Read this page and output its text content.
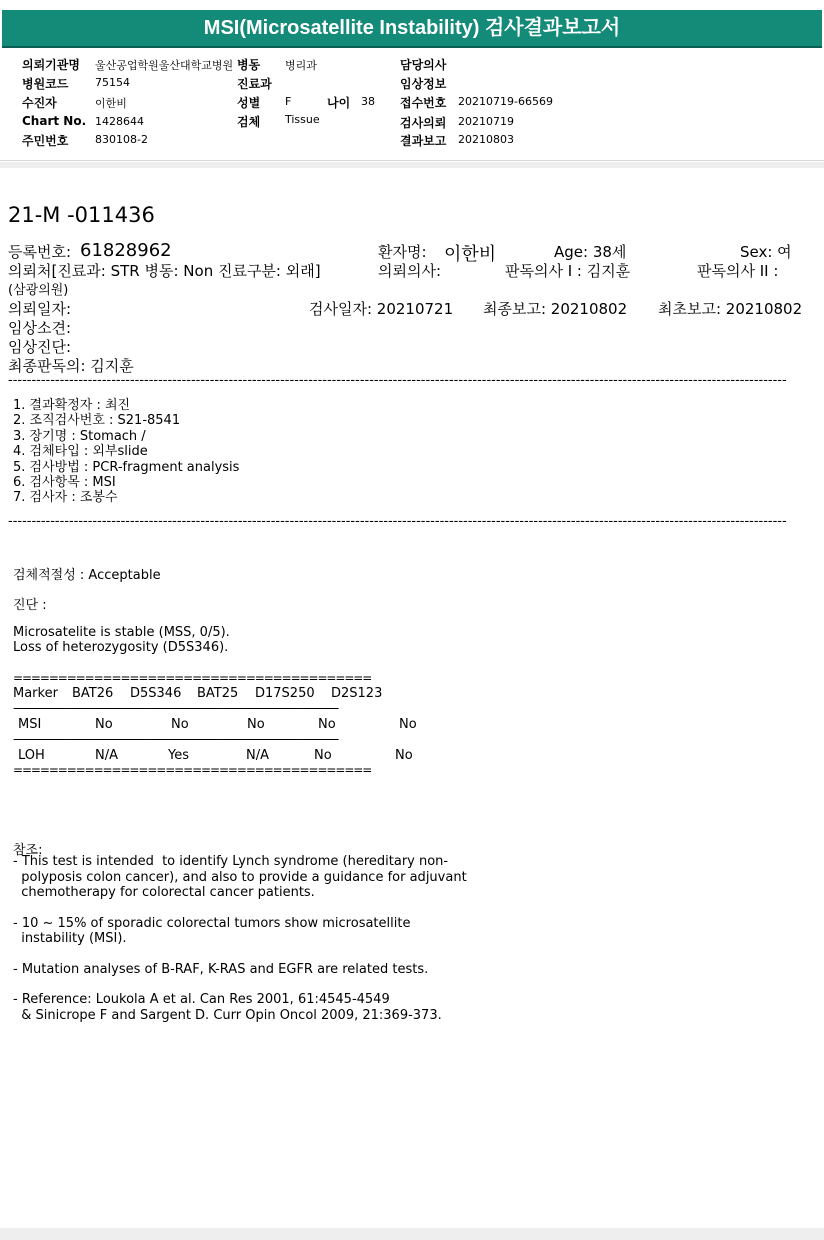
MSI(Microsatellite Instability) 검사결과보고서
의뢰기관명 울산공업학원울산대학교병원 병동 병리과	담당의사
병원코드 75154	진료과	임상정보
수진자	이한비	성별 F	나이 38 접수번호 20210719-66569
Chart No. 1428644	검체 Tissue	검사의뢰 20210719
주민번호 830108-2	결과보고 20210803
21-M -011436
등록번호: 61828962	환자명: 이한비	Age: 38세	Sex: 여
의뢰처[진료과: STR 병동: Non 진료구분: 외래]	의뢰의사:	판독의사 I : 김지훈	판독의사 II :
(삼광의원)
의뢰일자:	검사일자: 20210721 최종보고: 20210802 최초보고: 20210802
임상소견:
임상진단:
최종판독의: 김지훈
----------------------------------------------------------------------------------------------------------------------------------------------------------------------
1. 결과확정자 : 최진
2. 조직검사번호 : S21-8541
3. 장기명 : Stomach /
4. 검체타입 : 외부slide
5. 검사방법 : PCR-fragment analysis
6. 검사항목 : MSI
7. 검사자 : 조봉수
----------------------------------------------------------------------------------------------------------------------------------------------------------------------
검체적절성 : Acceptable
진단 :
Microsatelite is stable (MSS, 0/5).
Loss of heterozygosity (D5S346).
========================================
Marker BAT26 D5S346 BAT25 D17S250 D2S123
-------------------------------------------------------------------------------------------------------------
MSI	No	No	No	No	No
-------------------------------------------------------------------------------------------------------------
LOH	N/A	Yes	N/A	No	No
========================================
참조:
- This test is intended  to identify Lynch syndrome (hereditary non-
polyposis colon cancer), and also to provide a guidance for adjuvant
chemotherapy for colorectal cancer patients.
- 10 ~ 15% of sporadic colorectal tumors show microsatellite
instability (MSI).
- Mutation analyses of B-RAF, K-RAS and EGFR are related tests.
- Reference: Loukola A et al. Can Res 2001, 61:4545-4549
& Sinicrope F and Sargent D. Curr Opin Oncol 2009, 21:369-373.
